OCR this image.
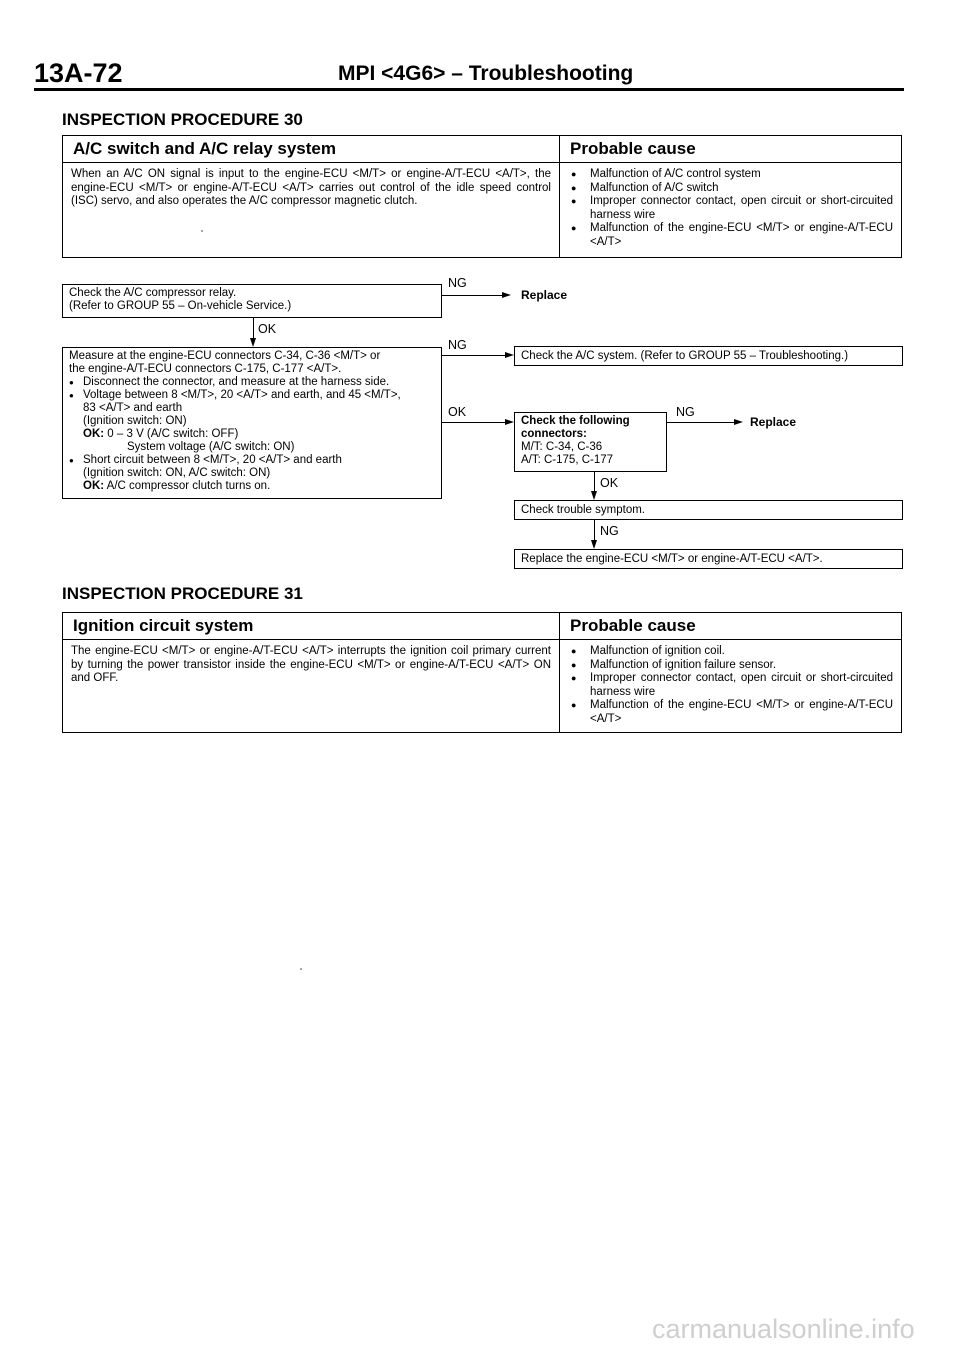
13A-72	MPI <4G6> – Troubleshooting
INSPECTION PROCEDURE 30
A/C switch and A/C relay system	Probable cause
When an A/C ON signal is input to the engine-ECU <M/T> or engine-A/T-ECU <A/T>, the engine-ECU <M/T> or engine-A/T-ECU <A/T> carries out control of the idle speed control (ISC) servo, and also operates the A/C compressor magnetic clutch.
● Malfunction of A/C control system
● Malfunction of A/C switch
● Improper connector contact, open circuit or short-circuited harness wire
● Malfunction of the engine-ECU <M/T> or engine-A/T-ECU <A/T>
Check the A/C compressor relay.
(Refer to GROUP 55 – On-vehicle Service.)
NG
Replace
OK
Measure at the engine-ECU connectors C-34, C-36 <M/T> or
the engine-A/T-ECU connectors C-175, C-177 <A/T>.
● Disconnect the connector, and measure at the harness side.
● Voltage between 8 <M/T>, 20 <A/T> and earth, and 45 <M/T>,
83 <A/T> and earth
(Ignition switch: ON)
OK: 0 – 3 V (A/C switch: OFF)
System voltage (A/C switch: ON)
● Short circuit between 8 <M/T>, 20 <A/T> and earth
(Ignition switch: ON, A/C switch: ON)
OK: A/C compressor clutch turns on.
NG
Check the A/C system. (Refer to GROUP 55 – Troubleshooting.)
OK
Check the following
connectors:
M/T: C-34, C-36
A/T: C-175, C-177
NG
Replace
OK
Check trouble symptom.
NG
Replace the engine-ECU <M/T> or engine-A/T-ECU <A/T>.
INSPECTION PROCEDURE 31
Ignition circuit system	Probable cause
The engine-ECU <M/T> or engine-A/T-ECU <A/T> interrupts the ignition coil primary current by turning the power transistor inside the engine-ECU <M/T> or engine-A/T-ECU <A/T> ON and OFF.
● Malfunction of ignition coil.
● Malfunction of ignition failure sensor.
● Improper connector contact, open circuit or short-circuited harness wire
● Malfunction of the engine-ECU <M/T> or engine-A/T-ECU <A/T>
carmanualsonline.info
